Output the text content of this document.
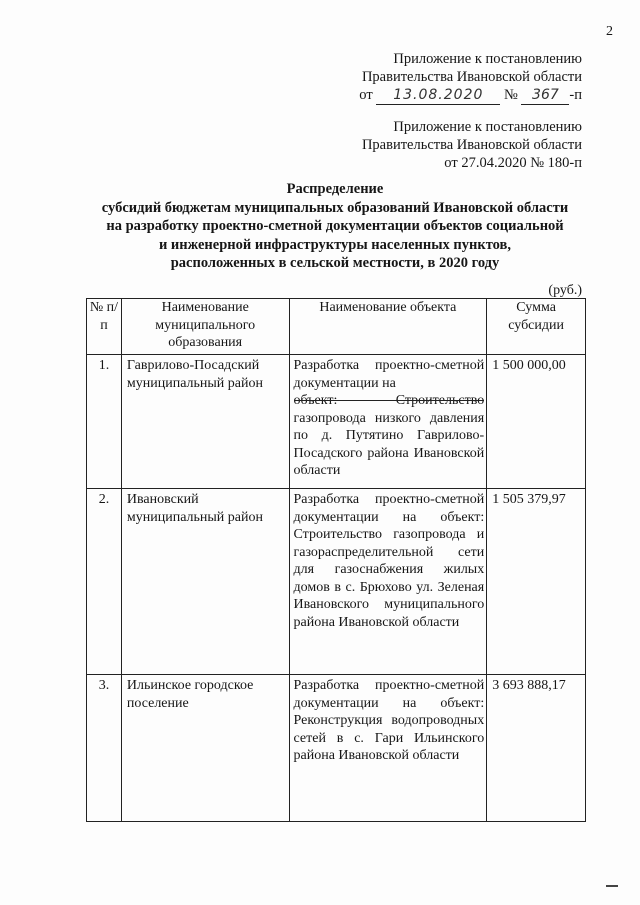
2
Приложение к постановлению
Правительства Ивановской области
от 13.08.2020 № 367 -п
Приложение к постановлению
Правительства Ивановской области
от 27.04.2020 № 180-п
Распределение
субсидий бюджетам муниципальных образований Ивановской области
на разработку проектно-сметной документации объектов социальной
и инженерной инфраструктуры населенных пунктов,
расположенных в сельской местности, в 2020 году
(руб.)
№ п/п	Наименование муниципального образования	Наименование объекта	Сумма субсидии
1.	Гаврилово-Посадский муниципальный район	Разработка проектно-сметной документации на
объект: Строительство
газопровода низкого давления по д. Путятино Гаврилово-Посадского района Ивановской области	1 500 000,00
2.	Ивановский муниципальный район	Разработка проектно-сметной документации на объект: Строительство газопровода и газораспределительной сети для газоснабжения жилых домов в с. Брюхово ул. Зеленая Ивановского муниципального района Ивановской области	1 505 379,97
3.	Ильинское городское поселение	Разработка проектно-сметной документации на объект: Реконструкция водопроводных сетей в с. Гари Ильинского района Ивановской области	3 693 888,17
